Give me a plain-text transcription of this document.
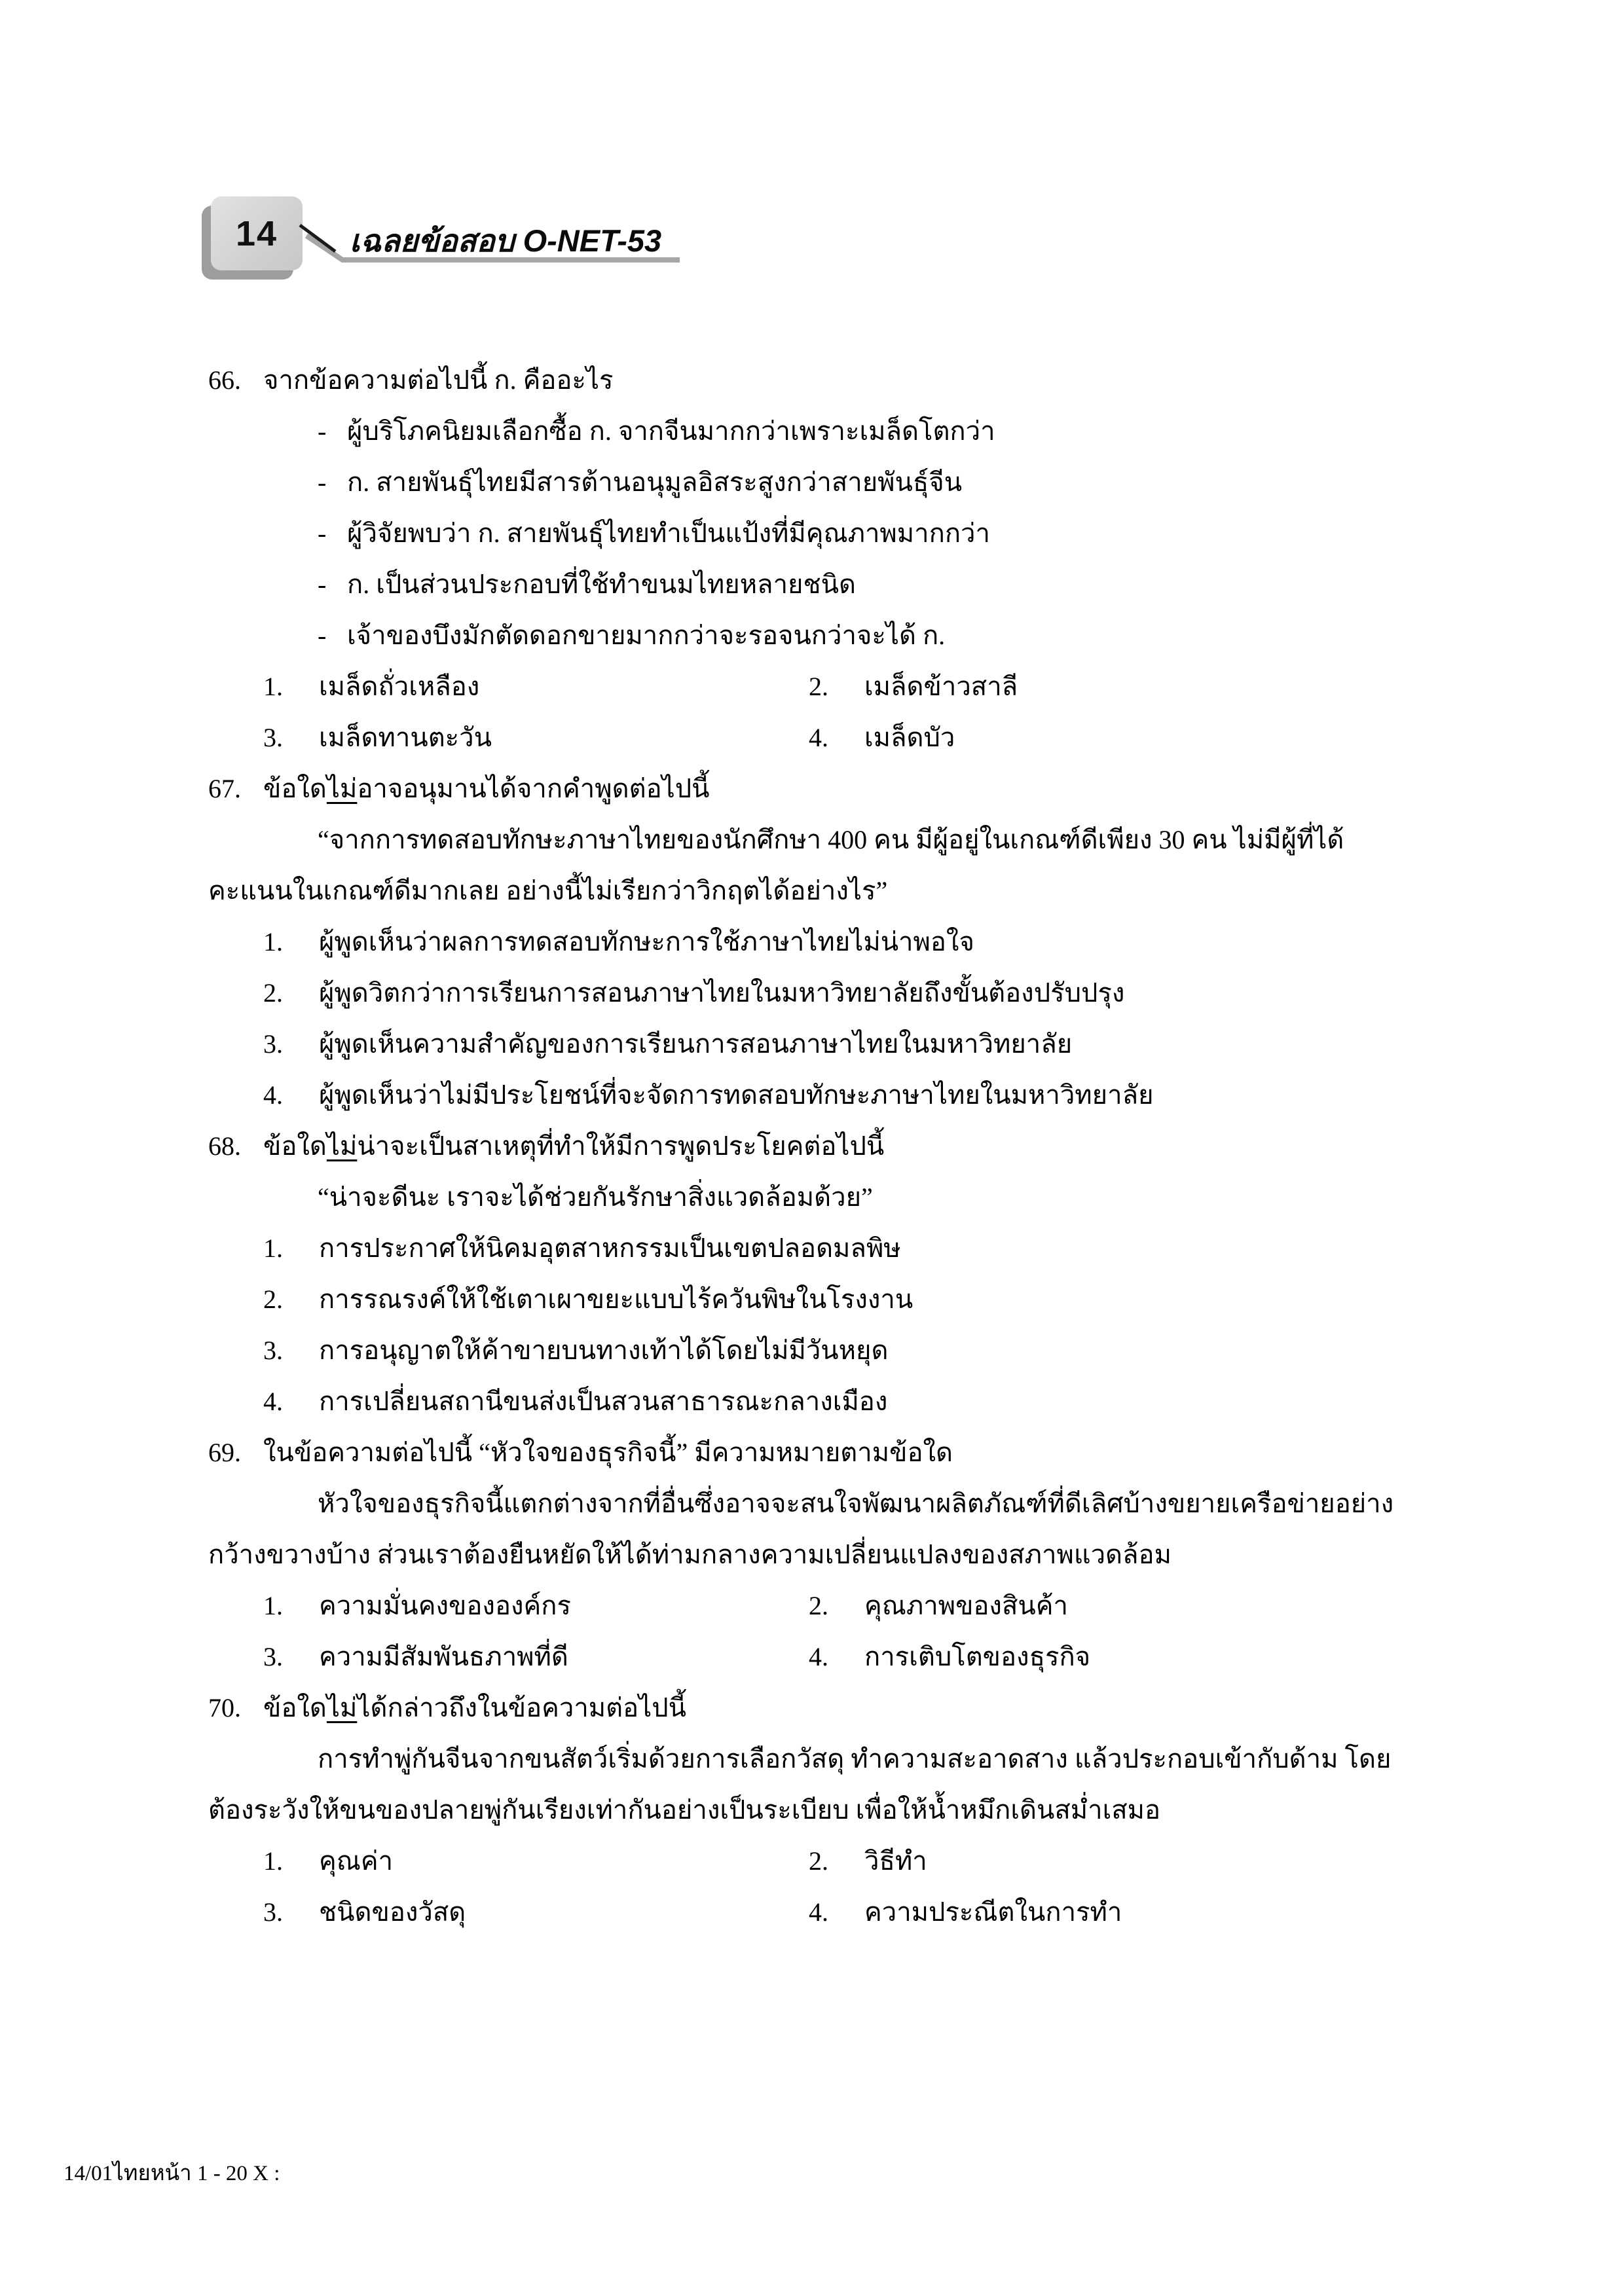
14 เฉลยข้อสอบ O-NET-53
66. จากข้อความต่อไปนี้ ก. คืออะไร
- ผู้บริโภคนิยมเลือกซื้อ ก. จากจีนมากกว่าเพราะเมล็ดโตกว่า
- ก. สายพันธุ์ไทยมีสารต้านอนุมูลอิสระสูงกว่าสายพันธุ์จีน
- ผู้วิจัยพบว่า ก. สายพันธุ์ไทยทำเป็นแป้งที่มีคุณภาพมากกว่า
- ก. เป็นส่วนประกอบที่ใช้ทำขนมไทยหลายชนิด
- เจ้าของบึงมักตัดดอกขายมากกว่าจะรอจนกว่าจะได้ ก.
1. เมล็ดถั่วเหลือง	2. เมล็ดข้าวสาลี
3. เมล็ดทานตะวัน	4. เมล็ดบัว
67. ข้อใดไม่อาจอนุมานได้จากคำพูดต่อไปนี้
“จากการทดสอบทักษะภาษาไทยของนักศึกษา 400 คน มีผู้อยู่ในเกณฑ์ดีเพียง 30 คน ไม่มีผู้ที่ได้
คะแนนในเกณฑ์ดีมากเลย อย่างนี้ไม่เรียกว่าวิกฤตได้อย่างไร”
1. ผู้พูดเห็นว่าผลการทดสอบทักษะการใช้ภาษาไทยไม่น่าพอใจ
2. ผู้พูดวิตกว่าการเรียนการสอนภาษาไทยในมหาวิทยาลัยถึงขั้นต้องปรับปรุง
3. ผู้พูดเห็นความสำคัญของการเรียนการสอนภาษาไทยในมหาวิทยาลัย
4. ผู้พูดเห็นว่าไม่มีประโยชน์ที่จะจัดการทดสอบทักษะภาษาไทยในมหาวิทยาลัย
68. ข้อใดไม่น่าจะเป็นสาเหตุที่ทำให้มีการพูดประโยคต่อไปนี้
“น่าจะดีนะ เราจะได้ช่วยกันรักษาสิ่งแวดล้อมด้วย”
1. การประกาศให้นิคมอุตสาหกรรมเป็นเขตปลอดมลพิษ
2. การรณรงค์ให้ใช้เตาเผาขยะแบบไร้ควันพิษในโรงงาน
3. การอนุญาตให้ค้าขายบนทางเท้าได้โดยไม่มีวันหยุด
4. การเปลี่ยนสถานีขนส่งเป็นสวนสาธารณะกลางเมือง
69. ในข้อความต่อไปนี้ “หัวใจของธุรกิจนี้” มีความหมายตามข้อใด
หัวใจของธุรกิจนี้แตกต่างจากที่อื่นซึ่งอาจจะสนใจพัฒนาผลิตภัณฑ์ที่ดีเลิศบ้างขยายเครือข่ายอย่าง
กว้างขวางบ้าง ส่วนเราต้องยืนหยัดให้ได้ท่ามกลางความเปลี่ยนแปลงของสภาพแวดล้อม
1. ความมั่นคงขององค์กร	2. คุณภาพของสินค้า
3. ความมีสัมพันธภาพที่ดี	4. การเติบโตของธุรกิจ
70. ข้อใดไม่ได้กล่าวถึงในข้อความต่อไปนี้
การทำพู่กันจีนจากขนสัตว์เริ่มด้วยการเลือกวัสดุ ทำความสะอาดสาง แล้วประกอบเข้ากับด้าม โดย
ต้องระวังให้ขนของปลายพู่กันเรียงเท่ากันอย่างเป็นระเบียบ เพื่อให้น้ำหมึกเดินสม่ำเสมอ
1. คุณค่า	2. วิธีทำ
3. ชนิดของวัสดุ	4. ความประณีตในการทำ
14/01ไทยหน้า 1 - 20 X :
